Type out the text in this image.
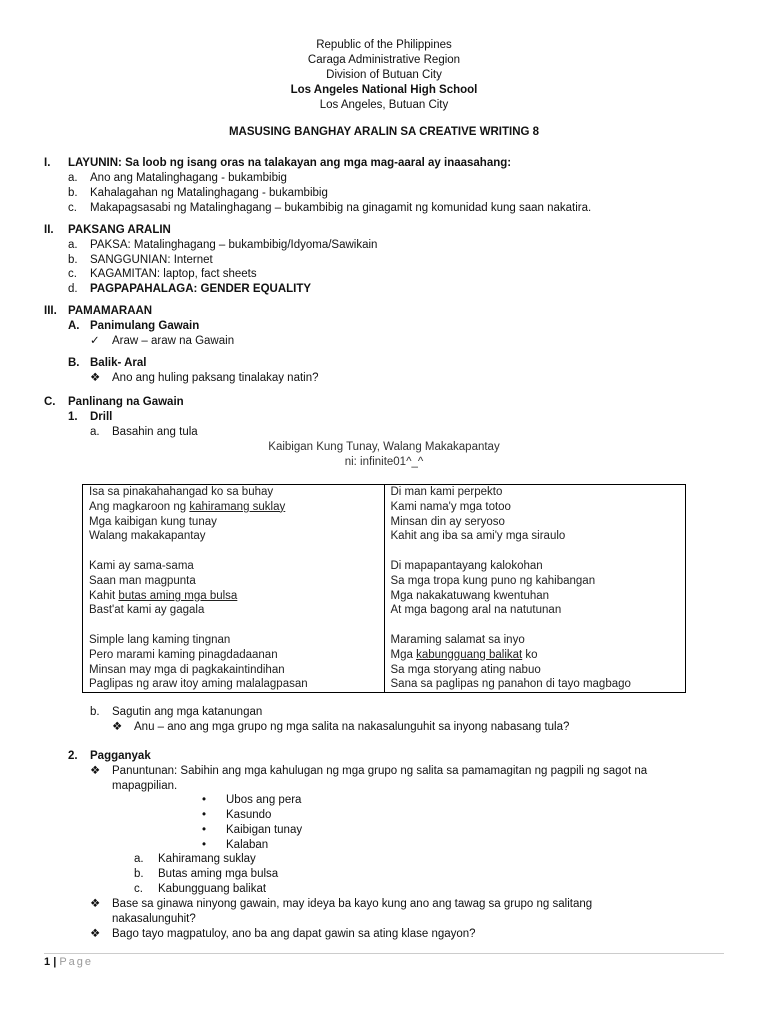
Republic of the Philippines
Caraga Administrative Region
Division of Butuan City
Los Angeles National High School
Los Angeles, Butuan City
MASUSING BANGHAY ARALIN SA CREATIVE WRITING 8
I. LAYUNIN: Sa loob ng isang oras na talakayan ang mga mag-aaral ay inaasahang:
a. Ano ang Matalinghagang - bukambibig
b. Kahalagahan ng Matalinghagang - bukambibig
c. Makapagsasabi ng Matalinghagang – bukambibig na ginagamit ng komunidad kung saan nakatira.
II. PAKSANG ARALIN
a. PAKSA: Matalinghagang – bukambibig/Idyoma/Sawikain
b. SANGGUNIAN: Internet
c. KAGAMITAN: laptop, fact sheets
d. PAGPAPAHALAGA: GENDER EQUALITY
III. PAMAMARAAN
A. Panimulang Gawain
✓ Araw – araw na Gawain
B. Balik- Aral
❖ Ano ang huling paksang tinalakay natin?
C. Panlinang na Gawain
1. Drill
a. Basahin ang tula
Kaibigan Kung Tunay, Walang Makakapantay
ni: infinite01^_^
Isa sa pinakahahangad ko sa buhay
Ang magkaroon ng kahiramang suklay
Mga kaibigan kung tunay
Walang makakapantay
Kami ay sama-sama
Saan man magpunta
Kahit butas aming mga bulsa
Bast'at kami ay gagala
Simple lang kaming tingnan
Pero marami kaming pinagdadaanan
Minsan may mga di pagkakaintindihan
Paglipas ng araw itoy aming malalagpasan

Di man kami perpekto
Kami nama'y mga totoo
Minsan din ay seryoso
Kahit ang iba sa ami'y mga siraulo
Di mapapantayang kalokohan
Sa mga tropa kung puno ng kahibangan
Mga nakakatuwang kwentuhan
At mga bagong aral na natutunan
Maraming salamat sa inyo
Mga kabungguang balikat ko
Sa mga storyang ating nabuo
Sana sa paglipas ng panahon di tayo magbago
b. Sagutin ang mga katanungan
❖ Anu – ano ang mga grupo ng mga salita na nakasalunguhit sa inyong nabasang tula?
2. Pagganyak
❖ Panuntunan: Sabihin ang mga kahulugan ng mga grupo ng salita sa pamamagitan ng pagpili ng sagot na
mapagpilian.
• Ubos ang pera
• Kasundo
• Kaibigan tunay
• Kalaban
a. Kahiramang suklay
b. Butas aming mga bulsa
c. Kabungguang balikat
❖ Base sa ginawa ninyong gawain, may ideya ba kayo kung ano ang tawag sa grupo ng salitang
nakasalunguhit?
❖ Bago tayo magpatuloy, ano ba ang dapat gawin sa ating klase ngayon?
1 | Page
